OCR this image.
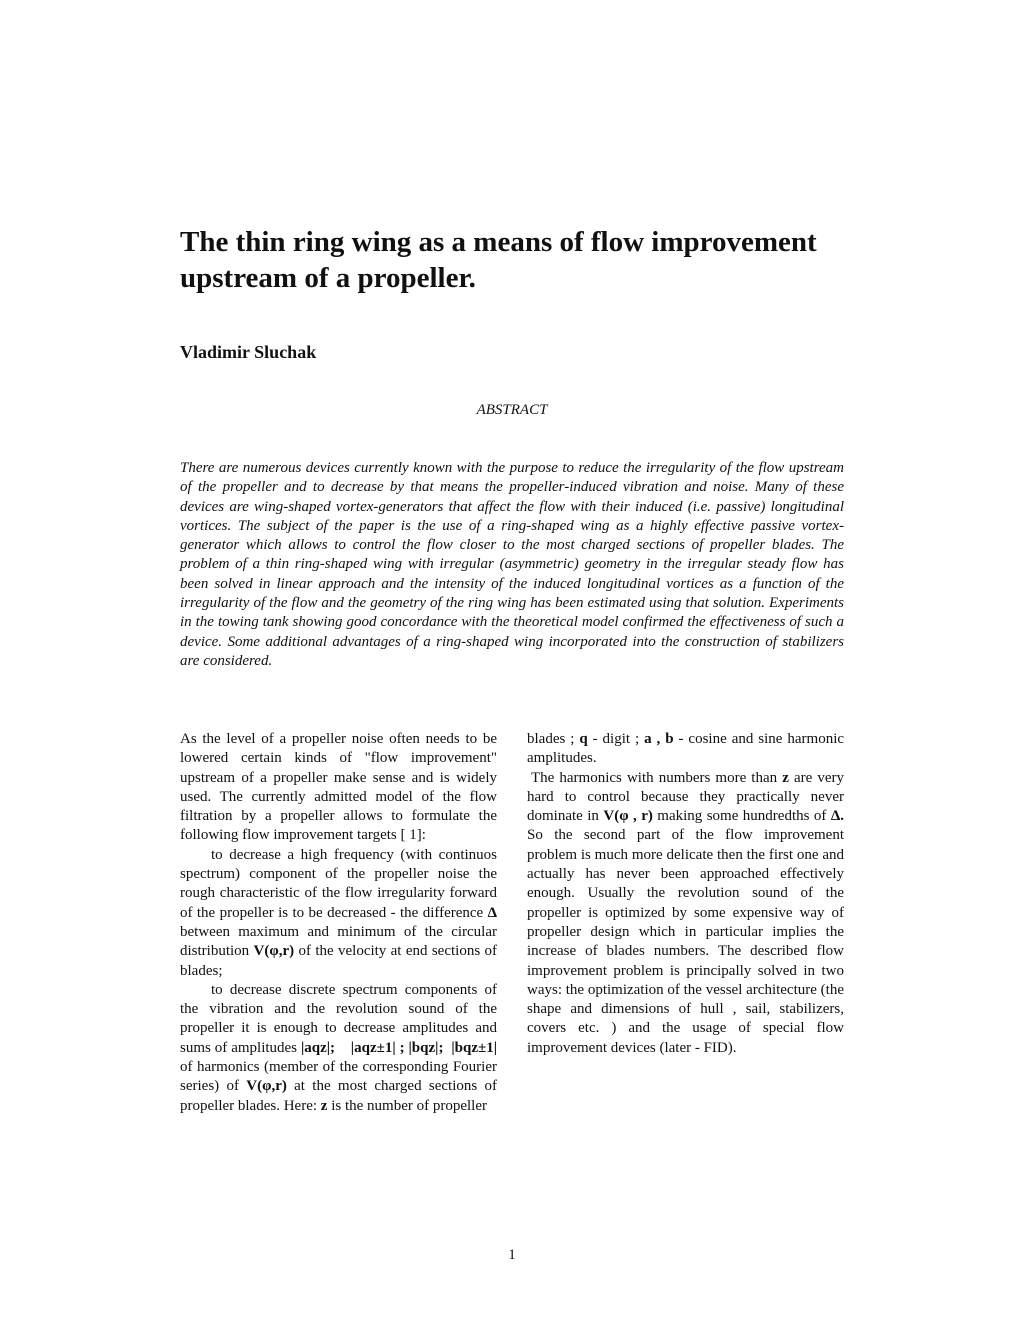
The thin ring wing as a means of flow improvement upstream of a propeller.
Vladimir Sluchak
ABSTRACT

There are numerous devices currently known with the purpose to reduce the irregularity of the flow upstream of the propeller and to decrease by that means the propeller-induced vibration and noise. Many of these devices are wing-shaped vortex-generators that affect the flow with their induced (i.e. passive) longitudinal vortices. The subject of the paper is the use of a ring-shaped wing as a highly effective passive vortex-generator which allows to control the flow closer to the most charged sections of propeller blades. The problem of a thin ring-shaped wing with irregular (asymmetric) geometry in the irregular steady flow has been solved in linear approach and the intensity of the induced longitudinal vortices as a function of the irregularity of the flow and the geometry of the ring wing has been estimated using that solution. Experiments in the towing tank showing good concordance with the theoretical model confirmed the effectiveness of such a device. Some additional advantages of a ring-shaped wing incorporated into the construction of stabilizers are considered.

As the level of a propeller noise often needs to be lowered certain kinds of "flow improvement" upstream of a propeller make sense and is widely used. The currently admitted model of the flow filtration by a propeller allows to formulate the following flow improvement targets [ 1]:

to decrease a high frequency (with continuos spectrum) component of the propeller noise the rough characteristic of the flow irregularity forward of the propeller is to be decreased - the difference Δ between maximum and minimum of the circular distribution V(φ,r) of the velocity at end sections of blades;

to decrease discrete spectrum components of the vibration and the revolution sound of the propeller it is enough to decrease amplitudes and sums of amplitudes |aqz|; |aqz±1| ; |bqz|; |bqz±1| of harmonics (member of the corresponding Fourier series) of V(φ,r) at the most charged sections of propeller blades. Here: z is the number of propeller

blades ; q - digit ; a , b - cosine and sine harmonic amplitudes.

The harmonics with numbers more than z are very hard to control because they practically never dominate in V(φ , r) making some hundredths of Δ. So the second part of the flow improvement problem is much more delicate then the first one and actually has never been approached effectively enough. Usually the revolution sound of the propeller is optimized by some expensive way of propeller design which in particular implies the increase of blades numbers. The described flow improvement problem is principally solved in two ways: the optimization of the vessel architecture (the shape and dimensions of hull , sail, stabilizers, covers etc. ) and the usage of special flow improvement devices (later - FID).

1
